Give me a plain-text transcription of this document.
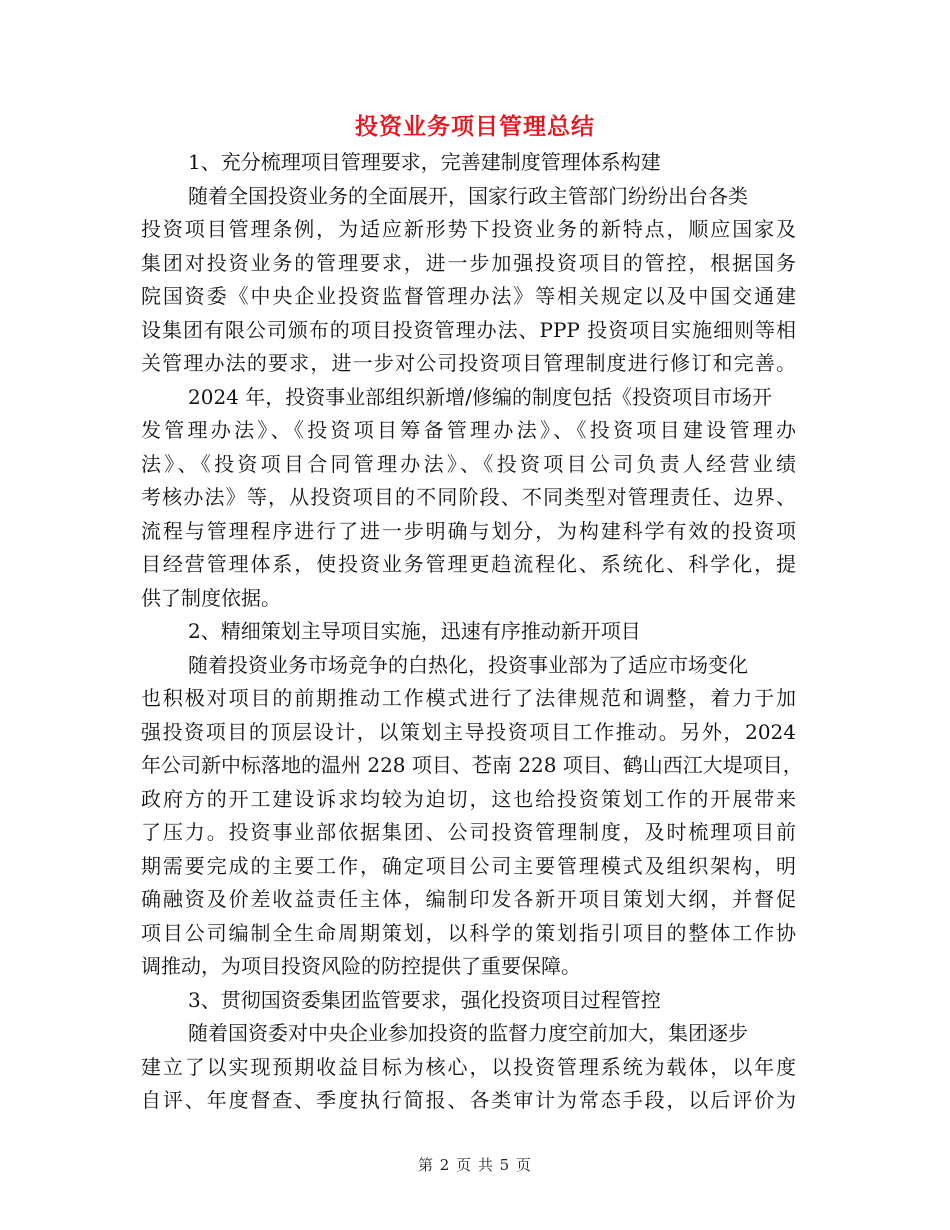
投资业务项目管理总结
1、充分梳理项目管理要求，完善建制度管理体系构建
随着全国投资业务的全面展开，国家行政主管部门纷纷出台各类
投资项目管理条例，为适应新形势下投资业务的新特点，顺应国家及
集团对投资业务的管理要求，进一步加强投资项目的管控，根据国务
院国资委《中央企业投资监督管理办法》等相关规定以及中国交通建
设集团有限公司颁布的项目投资管理办法、PPP 投资项目实施细则等相
关管理办法的要求，进一步对公司投资项目管理制度进行修订和完善。
2024 年，投资事业部组织新增/修编的制度包括《投资项目市场开
发管理办法》、《投资项目筹备管理办法》、《投资项目建设管理办
法》、《投资项目合同管理办法》、《投资项目公司负责人经营业绩
考核办法》等，从投资项目的不同阶段、不同类型对管理责任、边界、
流程与管理程序进行了进一步明确与划分，为构建科学有效的投资项
目经营管理体系，使投资业务管理更趋流程化、系统化、科学化，提
供了制度依据。
2、精细策划主导项目实施，迅速有序推动新开项目
随着投资业务市场竞争的白热化，投资事业部为了适应市场变化
也积极对项目的前期推动工作模式进行了法律规范和调整，着力于加
强投资项目的顶层设计，以策划主导投资项目工作推动。另外，2024
年公司新中标落地的温州 228 项目、苍南 228 项目、鹤山西江大堤项目，
政府方的开工建设诉求均较为迫切，这也给投资策划工作的开展带来
了压力。投资事业部依据集团、公司投资管理制度，及时梳理项目前
期需要完成的主要工作，确定项目公司主要管理模式及组织架构，明
确融资及价差收益责任主体，编制印发各新开项目策划大纲，并督促
项目公司编制全生命周期策划，以科学的策划指引项目的整体工作协
调推动，为项目投资风险的防控提供了重要保障。
3、贯彻国资委集团监管要求，强化投资项目过程管控
随着国资委对中央企业参加投资的监督力度空前加大，集团逐步
建立了以实现预期收益目标为核心，以投资管理系统为载体，以年度
自评、年度督查、季度执行简报、各类审计为常态手段，以后评价为
第 2 页 共 5 页
